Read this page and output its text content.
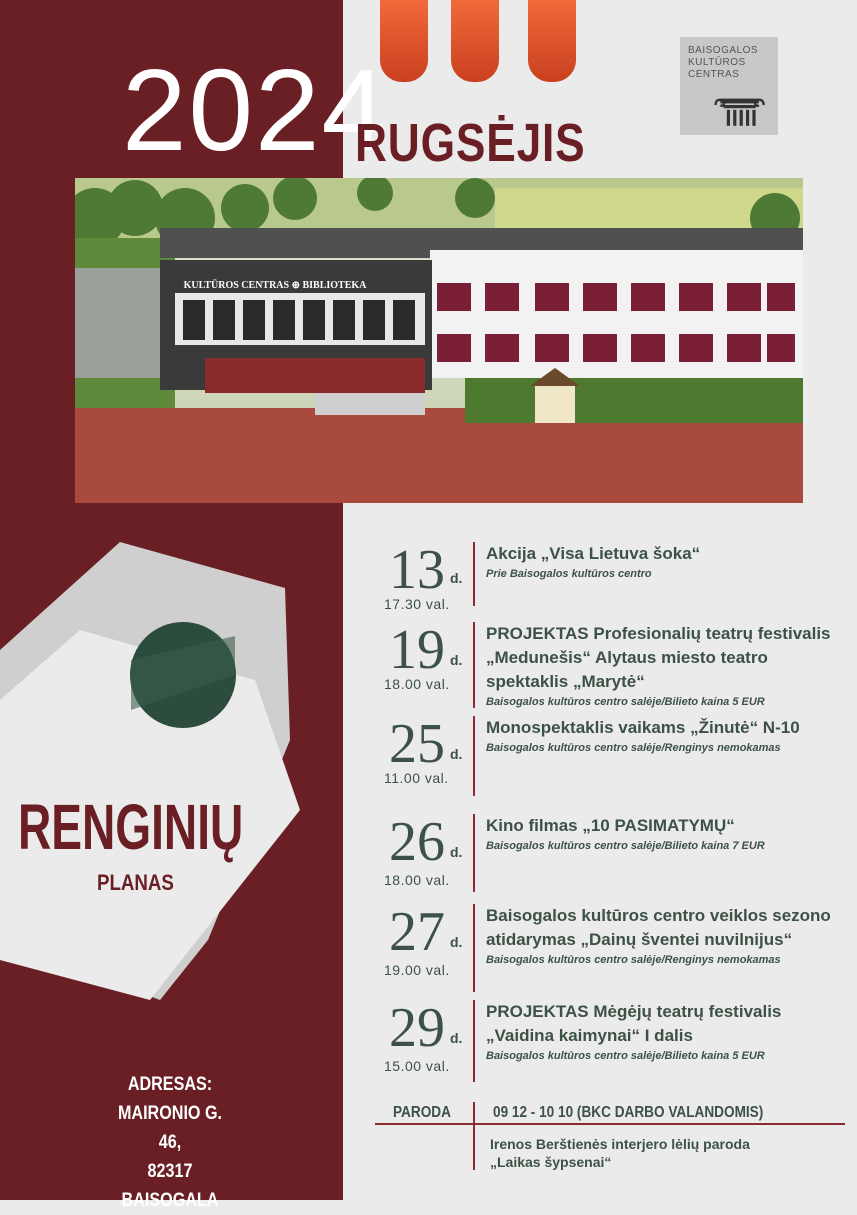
2024
RUGSĖJIS
BAISOGALOS
KULTŪROS
CENTRAS
KULTŪROS CENTRAS ⊕ BIBLIOTEKA
RENGINIŲ
PLANAS
ADRESAS:
MAIRONIO G. 46,
82317 BAISOGALA
13 d.
17.30 val.
Akcija „Visa Lietuva šoka“
Prie Baisogalos kultūros centro
19 d.
18.00 val.
PROJEKTAS Profesionalių teatrų festivalis „Medunešis“ Alytaus miesto teatro spektaklis „Marytė“
Baisogalos kultūros centro salėje/Bilieto kaina 5 EUR
25 d.
11.00 val.
Monospektaklis vaikams „Žinutė“ N-10
Baisogalos kultūros centro salėje/Renginys nemokamas
26 d.
18.00 val.
Kino filmas „10 PASIMATYMŲ“
Baisogalos kultūros centro salėje/Bilieto kaina 7 EUR
27 d.
19.00 val.
Baisogalos kultūros centro veiklos sezono atidarymas „Dainų šventei nuvilnijus“
Baisogalos kultūros centro salėje/Renginys nemokamas
29 d.
15.00 val.
PROJEKTAS Mėgėjų teatrų festivalis „Vaidina kaimynai“ I dalis
Baisogalos kultūros centro salėje/Bilieto kaina 5 EUR
PARODA	09 12 - 10 10 (BKC DARBO VALANDOMIS)
Irenos Berštienės interjero lėlių paroda
„Laikas šypsenai“
